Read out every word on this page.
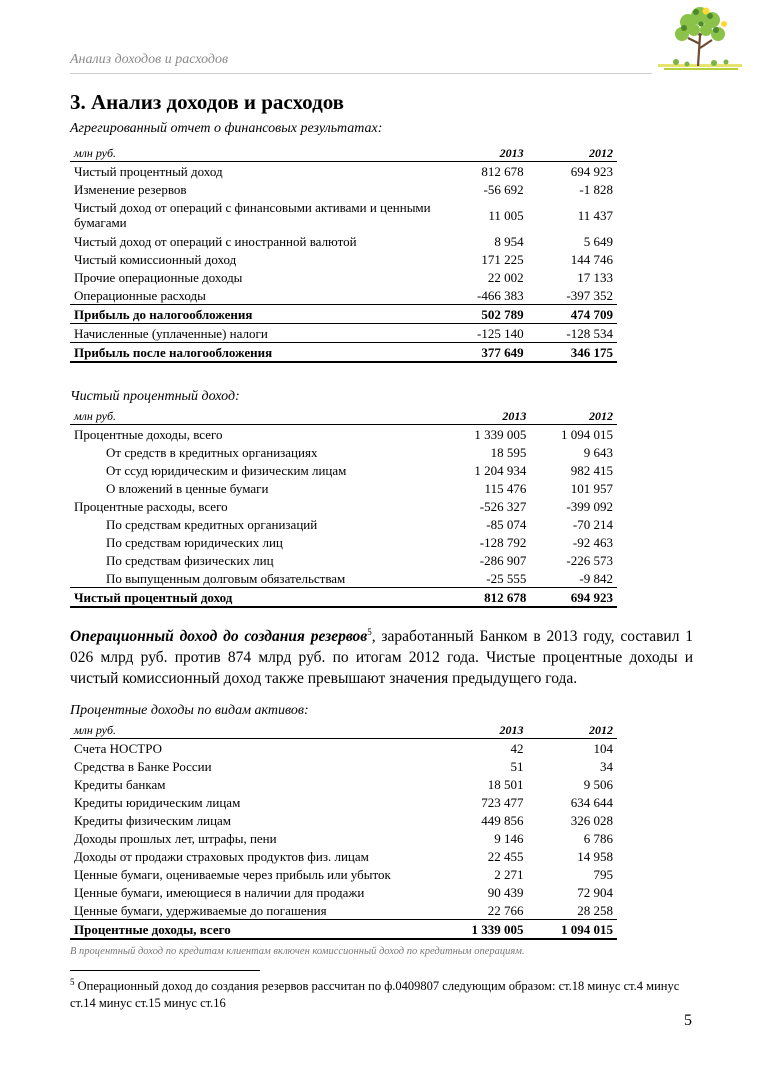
Анализ доходов и расходов
3. Анализ доходов и расходов
Агрегированный отчет о финансовых результатах:
млн руб.	2013	2012
Чистый процентный доход	812 678	694 923
Изменение резервов	-56 692	-1 828
Чистый доход от операций с финансовыми активами и ценными бумагами	11 005	11 437
Чистый доход от операций с иностранной валютой	8 954	5 649
Чистый комиссионный доход	171 225	144 746
Прочие операционные доходы	22 002	17 133
Операционные расходы	-466 383	-397 352
Прибыль до налогообложения	502 789	474 709
Начисленные (уплаченные) налоги	-125 140	-128 534
Прибыль после налогообложения	377 649	346 175
Чистый процентный доход:
млн руб.	2013	2012
Процентные доходы, всего	1 339 005	1 094 015
От средств в кредитных организациях	18 595	9 643
От ссуд юридическим и физическим лицам	1 204 934	982 415
О вложений в ценные бумаги	115 476	101 957
Процентные расходы, всего	-526 327	-399 092
По средствам кредитных организаций	-85 074	-70 214
По средствам юридических лиц	-128 792	-92 463
По средствам физических лиц	-286 907	-226 573
По выпущенным долговым обязательствам	-25 555	-9 842
Чистый процентный доход	812 678	694 923

Операционный доход до создания резервов$^5$, заработанный Банком в 2013 году, составил 1 026 млрд руб. против 874 млрд руб. по итогам 2012 года. Чистые процентные доходы и чистый комиссионный доход также превышают значения предыдущего года.

Процентные доходы по видам активов:
млн руб.	2013	2012
Счета НОСТРО	42	104
Средства в Банке России	51	34
Кредиты банкам	18 501	9 506
Кредиты юридическим лицам	723 477	634 644
Кредиты физическим лицам	449 856	326 028
Доходы прошлых лет, штрафы, пени	9 146	6 786
Доходы от продажи страховых продуктов физ. лицам	22 455	14 958
Ценные бумаги, оцениваемые через прибыль или убыток	2 271	795
Ценные бумаги, имеющиеся в наличии для продажи	90 439	72 904
Ценные бумаги, удерживаемые до погашения	22 766	28 258
Процентные доходы, всего	1 339 005	1 094 015
В процентный доход по кредитам клиентам включен комиссионный доход по кредитным операциям.

$^5$ Операционный доход до создания резервов рассчитан по ф.0409807 следующим образом: ст.18 минус ст.4 минус ст.14 минус ст.15 минус ст.16

5
